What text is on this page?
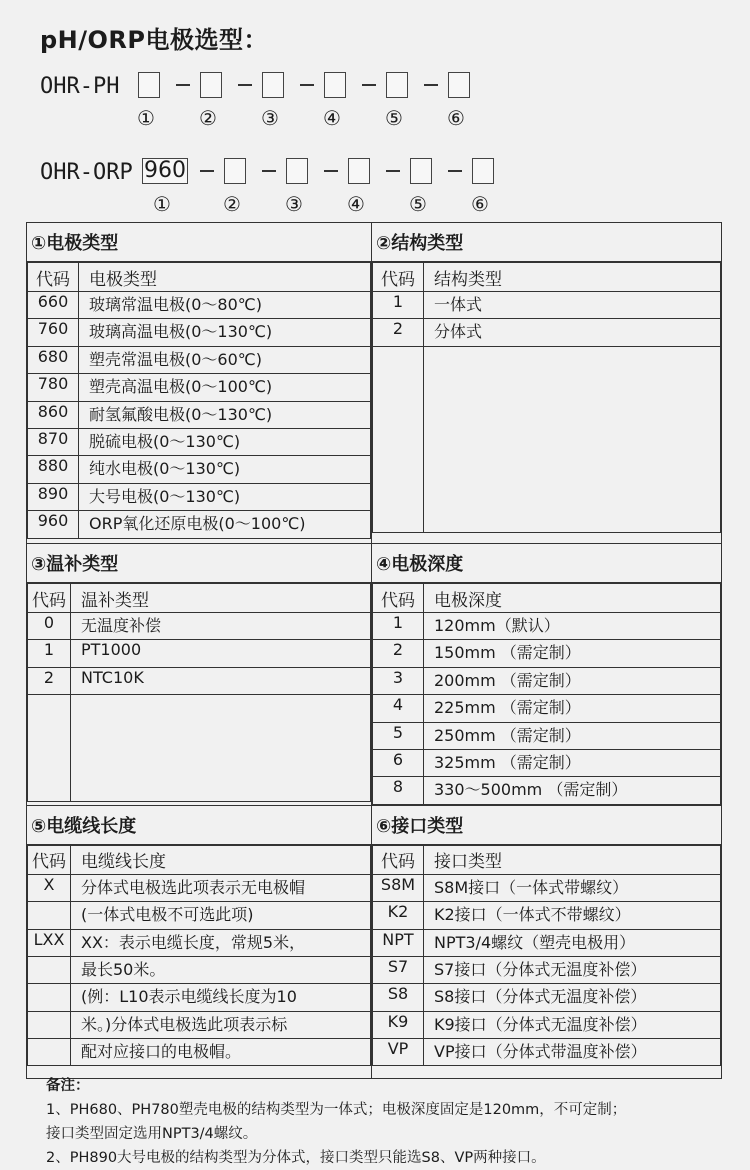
pH/ORP电极选型：
OHR-PH
① ② ③ ④ ⑤ ⑥
OHR-ORP 960
①	② ③ ④ ⑤ ⑥
①电极类型
代码	电极类型
660	玻璃常温电极(0～80℃)
760	玻璃高温电极(0～130℃)
680	塑壳常温电极(0～60℃)
780	塑壳高温电极(0～100℃)
860	耐氢氟酸电极(0～130℃)
870	脱硫电极(0～130℃)
880	纯水电极(0～130℃)
890	大号电极(0～130℃)
960	ORP氧化还原电极(0～100℃)

②结构类型
代码	结构类型
1	一体式
2	分体式

③温补类型
代码	温补类型
0	无温度补偿
1	PT1000
2	NTC10K

④电极深度
代码	电极深度
1	120mm（默认）
2	150mm （需定制）
3	200mm （需定制）
4	225mm （需定制）
5	250mm （需定制）
6	325mm （需定制）
8	330～500mm （需定制）

⑤电缆线长度
代码	电缆线长度
X	分体式电极选此项表示无电极帽
	(一体式电极不可选此项)
LXX	XX：表示电缆长度，常规5米，
	最长50米。
	(例：L10表示电缆线长度为10
	米。)分体式电极选此项表示标
	配对应接口的电极帽。

⑥接口类型
代码	接口类型
S8M	S8M接口（一体式带螺纹）
K2	K2接口（一体式不带螺纹）
NPT	NPT3/4螺纹（塑壳电极用）
S7	S7接口（分体式无温度补偿）
S8	S8接口（分体式无温度补偿）
K9	K9接口（分体式无温度补偿）
VP	VP接口（分体式带温度补偿）
备注：
1、PH680、PH780塑壳电极的结构类型为一体式；电极深度固定是120mm，不可定制；
接口类型固定选用NPT3/4螺纹。
2、PH890大号电极的结构类型为分体式，接口类型只能选S8、VP两种接口。
